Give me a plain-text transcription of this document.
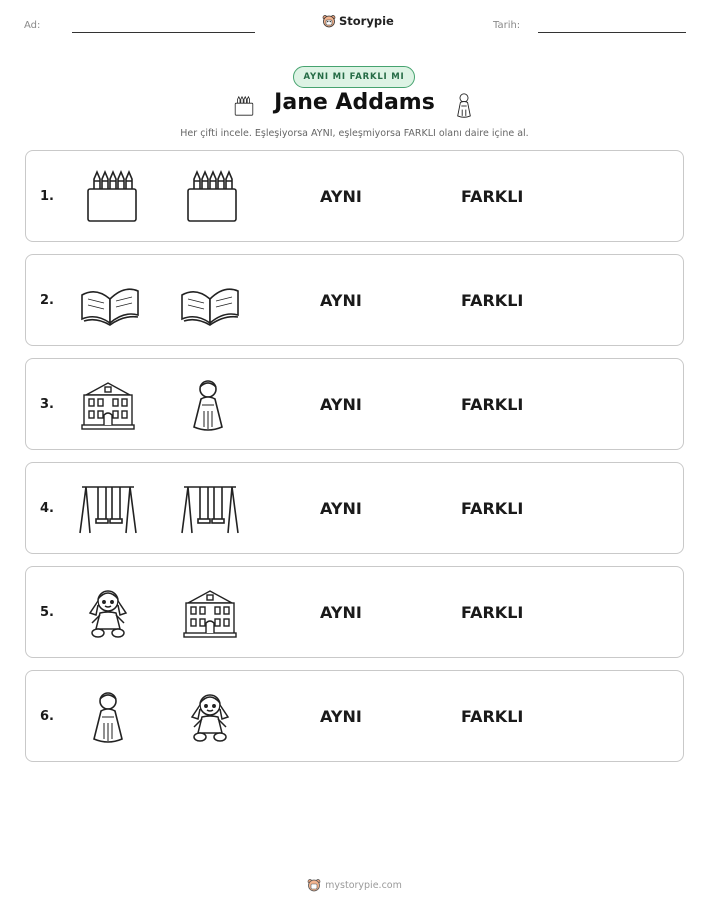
Ad:	Storypie	Tarih:
AYNI MI FARKLI MI
Jane Addams
Her çifti incele. Eşleşiyorsa AYNI, eşleşmiyorsa FARKLI olanı daire içine al.
1.	AYNI	FARKLI
2.	AYNI	FARKLI
3.	AYNI	FARKLI
4.	AYNI	FARKLI
5.	AYNI	FARKLI
6.	AYNI	FARKLI
mystorypie.com
